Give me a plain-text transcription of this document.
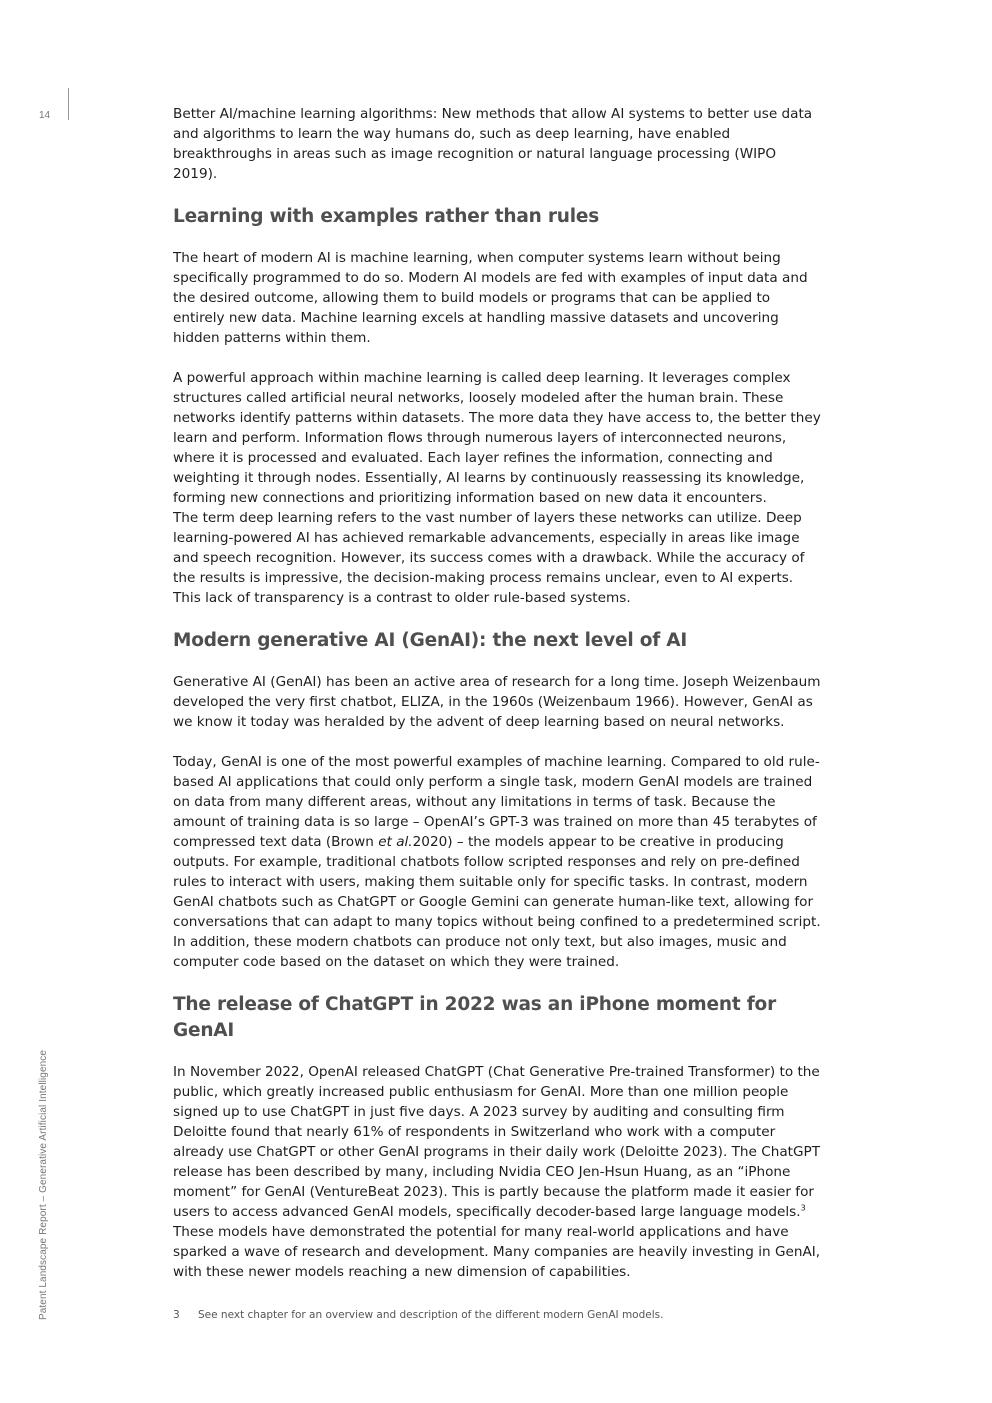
14
Patent Landscape Report – Generative Artificial Intelligence

Better AI/machine learning algorithms: New methods that allow AI systems to better use data and algorithms to learn the way humans do, such as deep learning, have enabled breakthroughs in areas such as image recognition or natural language processing (WIPO 2019).

Learning with examples rather than rules

The heart of modern AI is machine learning, when computer systems learn without being specifically programmed to do so. Modern AI models are fed with examples of input data and the desired outcome, allowing them to build models or programs that can be applied to entirely new data. Machine learning excels at handling massive datasets and uncovering hidden patterns within them.

A powerful approach within machine learning is called deep learning. It leverages complex structures called artificial neural networks, loosely modeled after the human brain. These networks identify patterns within datasets. The more data they have access to, the better they learn and perform. Information flows through numerous layers of interconnected neurons, where it is processed and evaluated. Each layer refines the information, connecting and weighting it through nodes. Essentially, AI learns by continuously reassessing its knowledge, forming new connections and prioritizing information based on new data it encounters.

The term deep learning refers to the vast number of layers these networks can utilize. Deep learning-powered AI has achieved remarkable advancements, especially in areas like image and speech recognition. However, its success comes with a drawback. While the accuracy of the results is impressive, the decision-making process remains unclear, even to AI experts. This lack of transparency is a contrast to older rule-based systems.

Modern generative AI (GenAI): the next level of AI

Generative AI (GenAI) has been an active area of research for a long time. Joseph Weizenbaum developed the very first chatbot, ELIZA, in the 1960s (Weizenbaum 1966). However, GenAI as we know it today was heralded by the advent of deep learning based on neural networks.

Today, GenAI is one of the most powerful examples of machine learning. Compared to old rule-based AI applications that could only perform a single task, modern GenAI models are trained on data from many different areas, without any limitations in terms of task. Because the amount of training data is so large – OpenAI’s GPT-3 was trained on more than 45 terabytes of compressed text data (Brown et al.2020) – the models appear to be creative in producing outputs. For example, traditional chatbots follow scripted responses and rely on pre-defined rules to interact with users, making them suitable only for specific tasks. In contrast, modern GenAI chatbots such as ChatGPT or Google Gemini can generate human-like text, allowing for conversations that can adapt to many topics without being confined to a predetermined script. In addition, these modern chatbots can produce not only text, but also images, music and computer code based on the dataset on which they were trained.

The release of ChatGPT in 2022 was an iPhone moment for GenAI

In November 2022, OpenAI released ChatGPT (Chat Generative Pre-trained Transformer) to the public, which greatly increased public enthusiasm for GenAI. More than one million people signed up to use ChatGPT in just five days. A 2023 survey by auditing and consulting firm Deloitte found that nearly 61% of respondents in Switzerland who work with a computer already use ChatGPT or other GenAI programs in their daily work (Deloitte 2023). The ChatGPT release has been described by many, including Nvidia CEO Jen-Hsun Huang, as an “iPhone moment” for GenAI (VentureBeat 2023). This is partly because the platform made it easier for users to access advanced GenAI models, specifically decoder-based large language models.$^3$ These models have demonstrated the potential for many real-world applications and have sparked a wave of research and development. Many companies are heavily investing in GenAI, with these newer models reaching a new dimension of capabilities.

3 See next chapter for an overview and description of the different modern GenAI models.
